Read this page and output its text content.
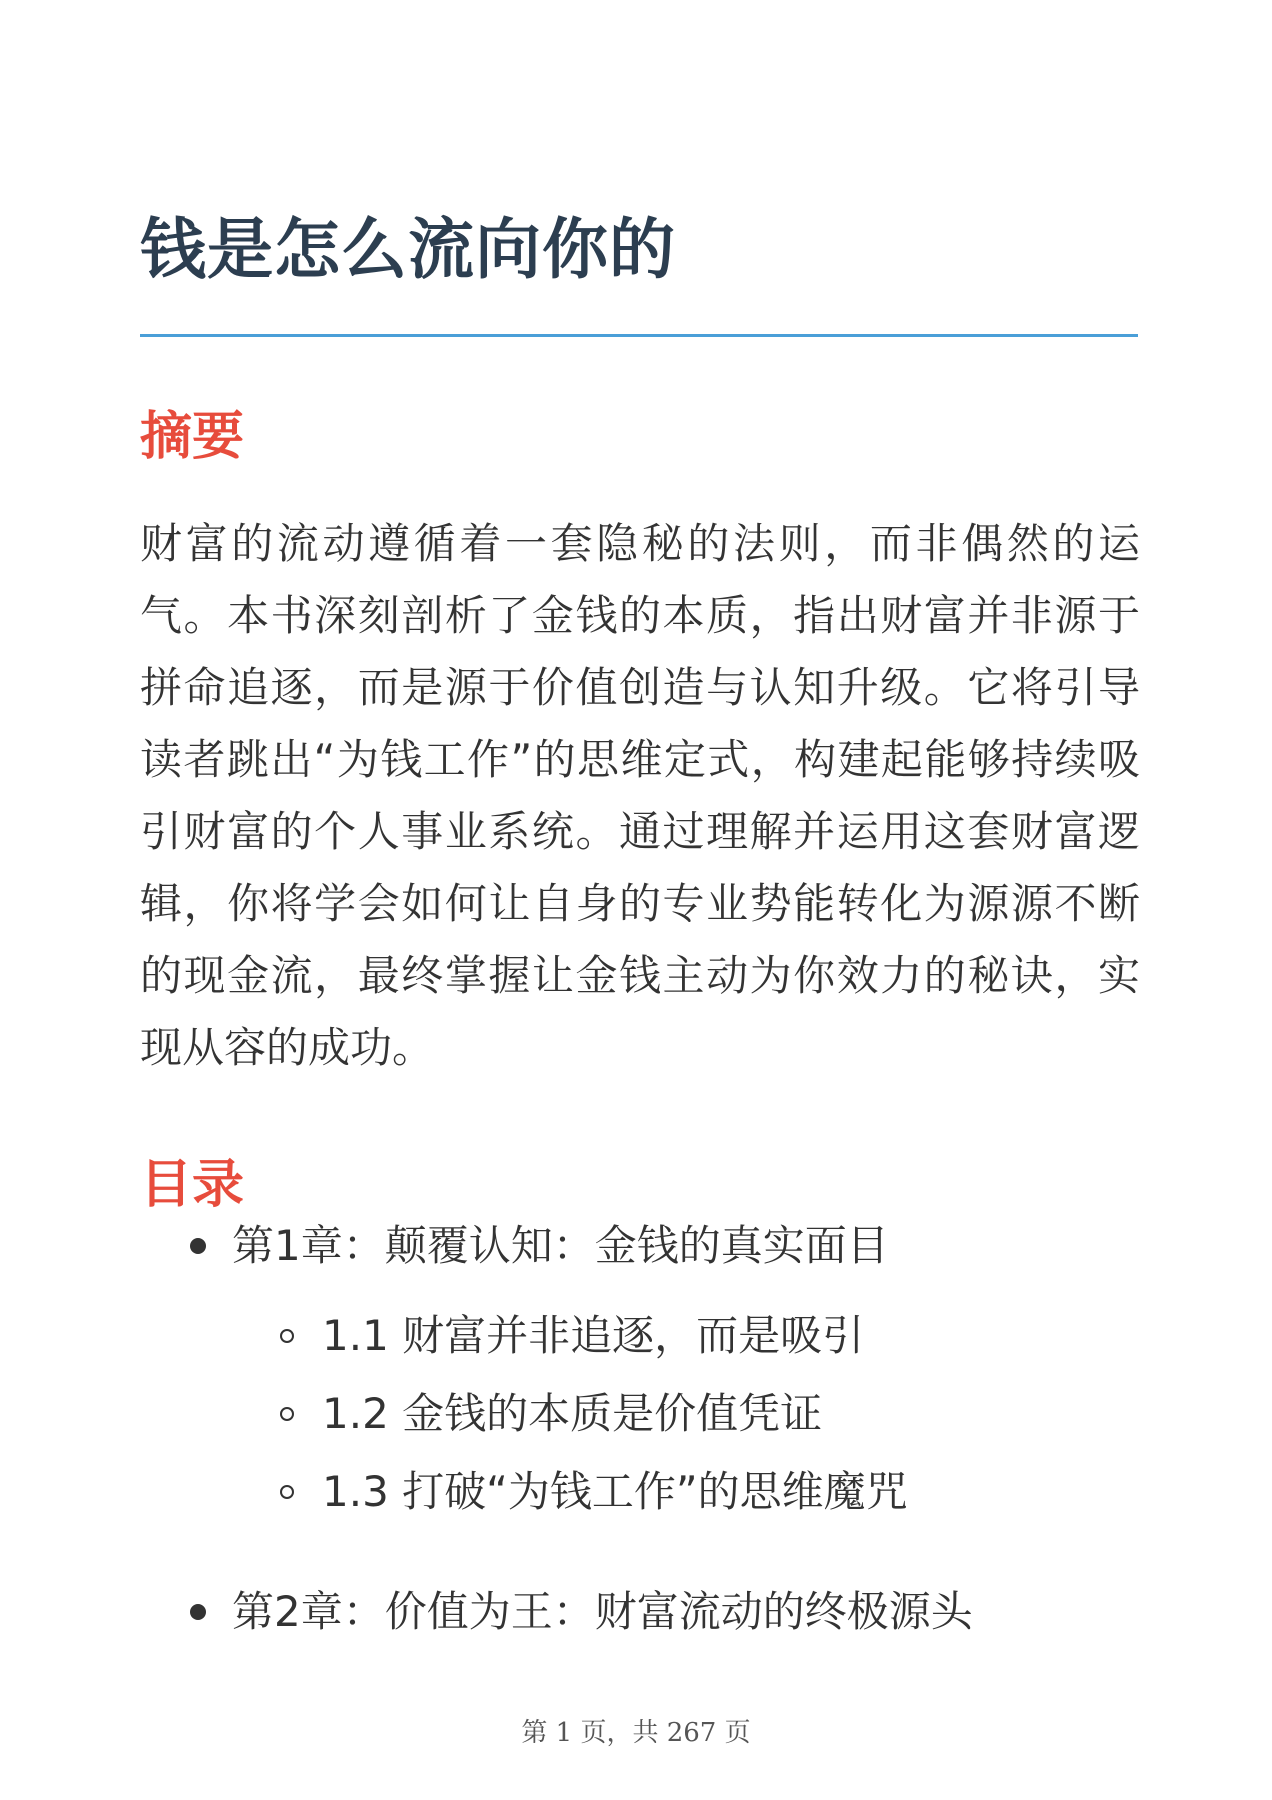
钱是怎么流向你的
摘要

财富的流动遵循着一套隐秘的法则，而非偶然的运气。本书深刻剖析了金钱的本质，指出财富并非源于拼命追逐，而是源于价值创造与认知升级。它将引导读者跳出“为钱工作”的思维定式，构建起能够持续吸引财富的个人事业系统。通过理解并运用这套财富逻辑，你将学会如何让自身的专业势能转化为源源不断的现金流，最终掌握让金钱主动为你效力的秘诀，实现从容的成功。

目录
第1章：颠覆认知：金钱的真实面目
1.1 财富并非追逐，而是吸引
1.2 金钱的本质是价值凭证
1.3 打破“为钱工作”的思维魔咒
第2章：价值为王：财富流动的终极源头
第 1 页，共 267 页
